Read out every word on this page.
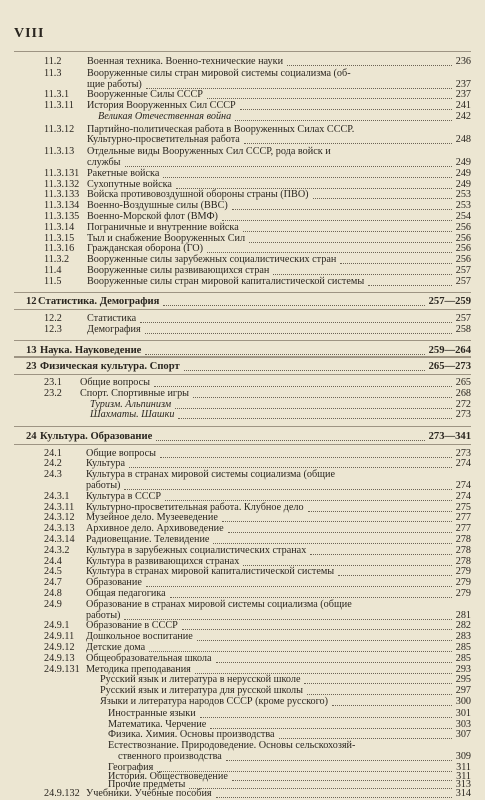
VIII
11.2	Военная техника. Военно-технические науки	236
11.3	Вооруженные силы стран мировой системы социализма (об-
щие работы)	237
11.3.1 Вооруженные Силы СССР	237
11.3.11 История Вооруженных Сил СССР	241
Великая Отечественная война	242
11.3.12 Партийно-политическая работа в Вооруженных Силах СССР.
Культурно-просветительная работа	248
11.3.13 Отдельные виды Вооруженных Сил СССР, рода войск и
службы	249
11.3.131 Ракетные войска	249
11.3.132 Сухопутные войска	249
11.3.133 Войска противовоздушной обороны страны (ПВО)	253
11.3.134 Военно-Воздушные силы (ВВС)	253
11.3.135 Военно-Морской флот (ВМФ)	254
11.3.14 Пограничные и внутренние войска	256
11.3.15 Тыл и снабжение Вооруженных Сил	256
11.3.16 Гражданская оборона (ГО)	256
11.3.2 Вооруженные силы зарубежных социалистических стран	256
11.4	Вооруженные силы развивающихся стран	257
11.5	Вооруженные силы стран мировой капиталистической системы	257
12 Статистика. Демография	257—259
12.2 Статистика	257
12.3 Демография	258
13 Наука. Науковедение	259—264
23 Физическая культура. Спорт	265—273
23.1 Общие вопросы	265
23.2 Спорт. Спортивные игры	268
Туризм. Альпинизм	272
Шахматы. Шашки	273
24 Культура. Образование	273—341
24.1 Общие вопросы	273
24.2 Культура	274
24.3 Культура в странах мировой системы социализма (общие
работы)	274
24.3.1 Культура в СССР	274
24.3.11 Культурно-просветительная работа. Клубное дело	275
24.3.12 Музейное дело. Музееведение	277
24.3.13 Архивное дело. Архивоведение	277
24.3.14 Радиовещание. Телевидение	278
24.3.2 Культура в зарубежных социалистических странах	278
24.4 Культура в развивающихся странах	278
24.5 Культура в странах мировой капиталистической системы	279
24.7 Образование	279
24.8 Общая педагогика	279
24.9 Образование в странах мировой системы социализма (общие
работы)	281
24.9.1 Образование в СССР	282
24.9.11 Дошкольное воспитание	283
24.9.12 Детские дома	285
24.9.13 Общеобразовательная школа	285
24.9.131 Методика преподавания	293
Русский язык и литература в нерусской школе	295
Русский язык и литература для русской школы	297
Языки и литература народов СССР (кроме русского)	300
Иностранные языки	301
Математика. Черчение	303
Физика. Химия. Основы производства	307
Естествознание. Природоведение. Основы сельскохозяй-
ственного производства	309
География	311
История. Обществоведение	311
Прочие предметы	313
24.9.132 Учебники. Учебные пособия	314
